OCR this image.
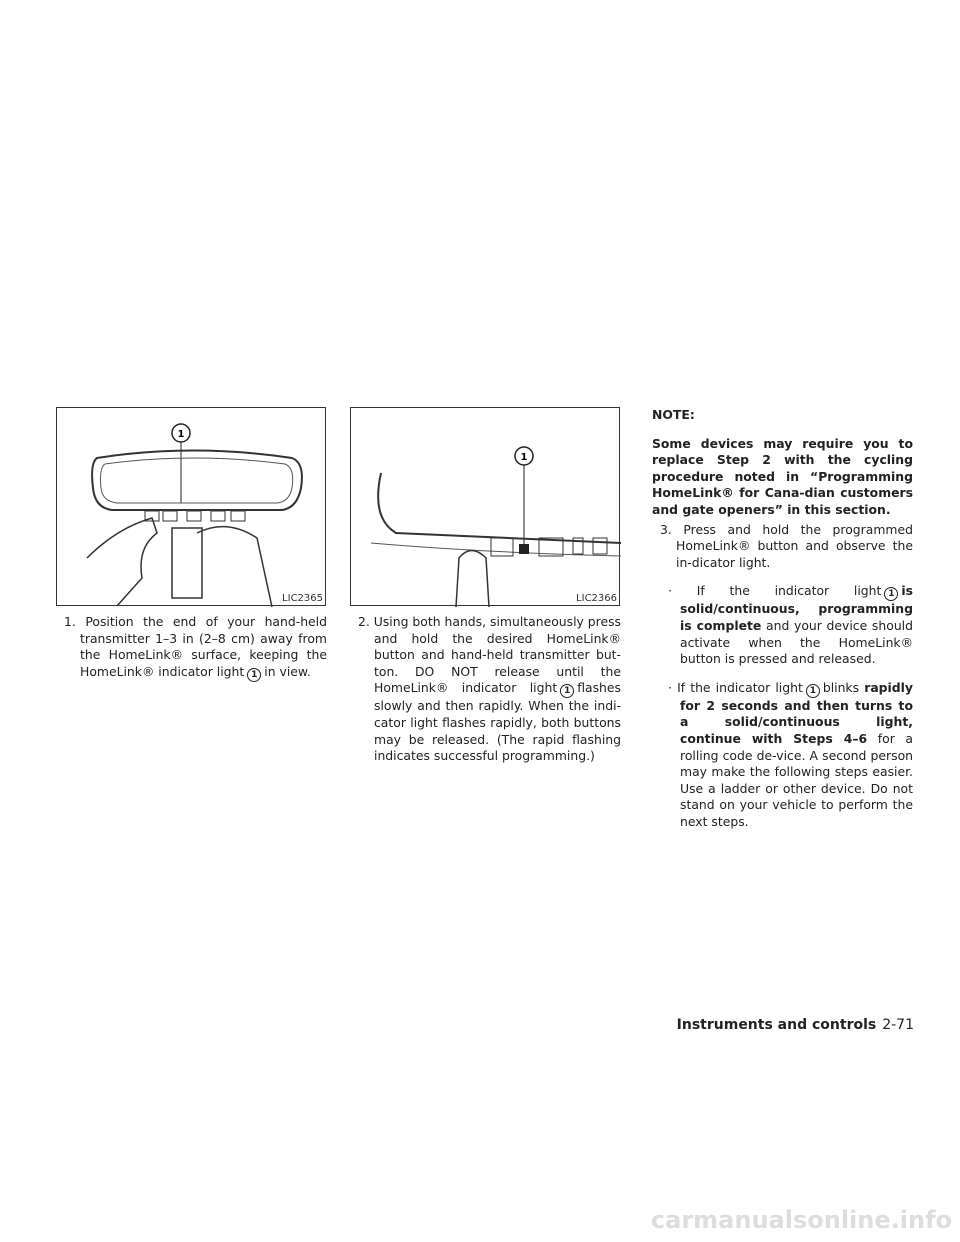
1
LIC2365
1
LIC2366

1. Position the end of your hand-held transmitter 1–3 in (2–8 cm) away from the HomeLink® surface, keeping the HomeLink® indicator light 1 in view.

2. Using both hands, simultaneously press and hold the desired HomeLink® button and hand-held transmitter but-ton. DO NOT release until the HomeLink® indicator light 1 flashes slowly and then rapidly. When the indi-cator light flashes rapidly, both buttons may be released. (The rapid flashing indicates successful programming.)

NOTE:

Some devices may require you to replace Step 2 with the cycling procedure noted in “Programming HomeLink® for Cana-dian customers and gate openers” in this section.

3. Press and hold the programmed HomeLink® button and observe the in-dicator light.

· If the indicator light 1 is solid/continuous, programming is complete and your device should activate when the HomeLink® button is pressed and released.

· If the indicator light 1 blinks rapidly for 2 seconds and then turns to a solid/continuous light, continue with Steps 4–6 for a rolling code de-vice. A second person may make the following steps easier. Use a ladder or other device. Do not stand on your vehicle to perform the next steps.

Instruments and controls 2-71
carmanualsonline.info
